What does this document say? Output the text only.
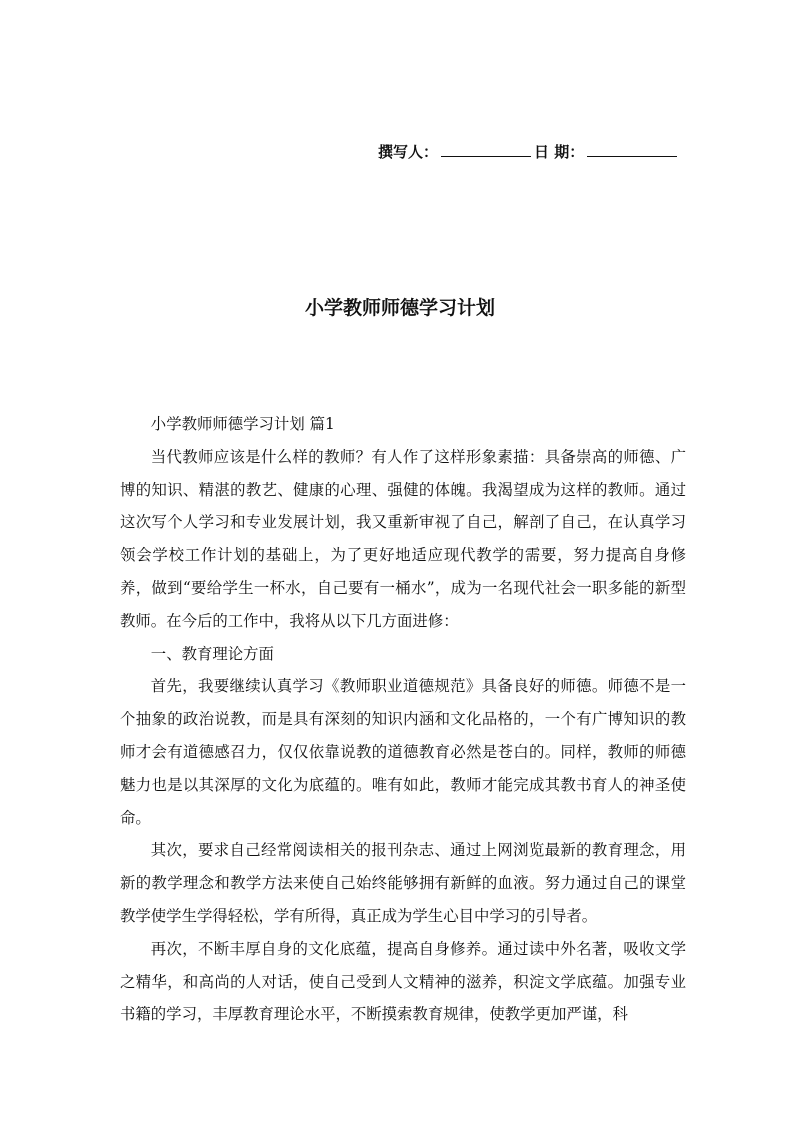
撰写人：	日 期：
小学教师师德学习计划

小学教师师德学习计划 篇1

当代教师应该是什么样的教师？有人作了这样形象素描：具备崇高的师德、广博的知识、精湛的教艺、健康的心理、强健的体魄。我渴望成为这样的教师。通过这次写个人学习和专业发展计划，我又重新审视了自己，解剖了自己，在认真学习领会学校工作计划的基础上，为了更好地适应现代教学的需要，努力提高自身修养，做到“要给学生一杯水，自己要有一桶水”，成为一名现代社会一职多能的新型教师。在今后的工作中，我将从以下几方面进修：

一、教育理论方面

首先，我要继续认真学习《教师职业道德规范》具备良好的师德。师德不是一个抽象的政治说教，而是具有深刻的知识内涵和文化品格的，一个有广博知识的教师才会有道德感召力，仅仅依靠说教的道德教育必然是苍白的。同样，教师的师德魅力也是以其深厚的文化为底蕴的。唯有如此，教师才能完成其教书育人的神圣使命。

其次，要求自己经常阅读相关的报刊杂志、通过上网浏览最新的教育理念，用新的教学理念和教学方法来使自己始终能够拥有新鲜的血液。努力通过自己的课堂教学使学生学得轻松，学有所得，真正成为学生心目中学习的引导者。

再次，不断丰厚自身的文化底蕴，提高自身修养。通过读中外名著，吸收文学之精华，和高尚的人对话，使自己受到人文精神的滋养，积淀文学底蕴。加强专业书籍的学习，丰厚教育理论水平，不断摸索教育规律，使教学更加严谨，科
